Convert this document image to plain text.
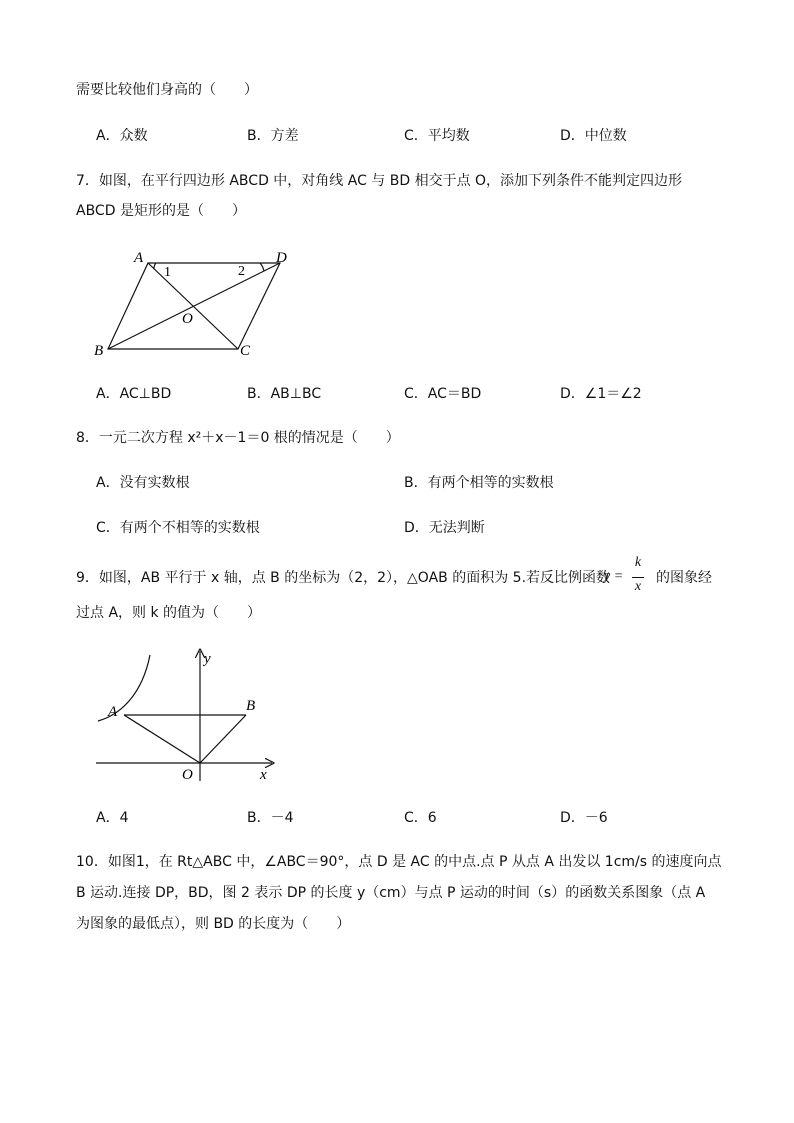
需要比较他们身高的（　　）
A．众数	B．方差	C．平均数	D．中位数
7．如图，在平行四边形 ABCD 中，对角线 AC 与 BD 相交于点 O，添加下列条件不能判定四边形
ABCD 是矩形的是（　　）
A	D
B	C
O
1	2
A．AC⊥BD	B．AB⊥BC	C．AC＝BD	D．∠1＝∠2
8．一元二次方程 x²＋x－1＝0 根的情况是（　　）
A．没有实数根	B．有两个相等的实数根
C．有两个不相等的实数根	D．无法判断
9．如图，AB 平行于 x 轴，点 B 的坐标为（2，2），△OAB 的面积为 5.若反比例函数
y =
k
x
的图象经
过点 A，则 k 的值为（　　）
A	B
O	x
y
A．4	B．－4	C．6	D．－6
10．如图1，在 Rt△ABC 中，∠ABC＝90°，点 D 是 AC 的中点.点 P 从点 A 出发以 1cm/s 的速度向点
B 运动.连接 DP，BD，图 2 表示 DP 的长度 y（cm）与点 P 运动的时间（s）的函数关系图象（点 A
为图象的最低点），则 BD 的长度为（　　）
